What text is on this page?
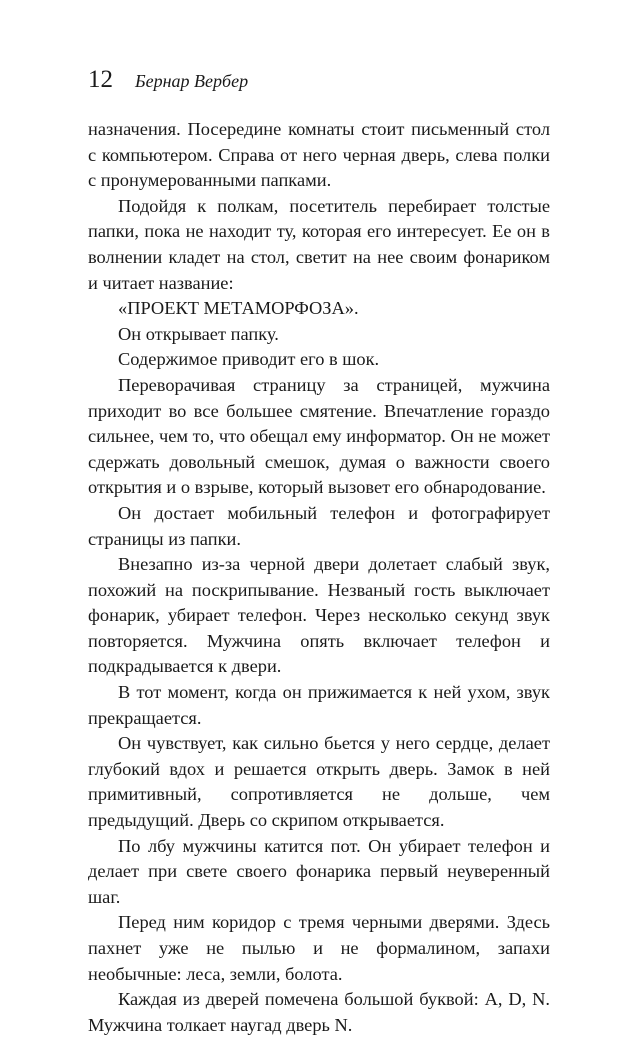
12 Бернар Вербер

назначения. Посередине комнаты стоит письменный стол с компьютером. Справа от него черная дверь, слева полки с пронумерованными папками.

Подойдя к полкам, посетитель перебирает толстые папки, пока не находит ту, которая его интересует. Ее он в волнении кладет на стол, светит на нее своим фонариком и читает название:

«ПРОЕКТ МЕТАМОРФОЗА».

Он открывает папку.

Содержимое приводит его в шок.

Переворачивая страницу за страницей, мужчина приходит во все большее смятение. Впечатление гораздо сильнее, чем то, что обещал ему информатор. Он не может сдержать довольный смешок, думая о важности своего открытия и о взрыве, который вызовет его обнародование.

Он достает мобильный телефон и фотографирует страницы из папки.

Внезапно из-за черной двери долетает слабый звук, похожий на поскрипывание. Незваный гость выключает фонарик, убирает телефон. Через несколько секунд звук повторяется. Мужчина опять включает телефон и подкрадывается к двери.

В тот момент, когда он прижимается к ней ухом, звук прекращается.

Он чувствует, как сильно бьется у него сердце, делает глубокий вдох и решается открыть дверь. Замок в ней примитивный, сопротивляется не дольше, чем предыдущий. Дверь со скрипом открывается.

По лбу мужчины катится пот. Он убирает телефон и делает при свете своего фонарика первый неуверенный шаг.

Перед ним коридор с тремя черными дверями. Здесь пахнет уже не пылью и не формалином, запахи необычные: леса, земли, болота.

Каждая из дверей помечена большой буквой: A, D, N. Мужчина толкает наугад дверь N.
